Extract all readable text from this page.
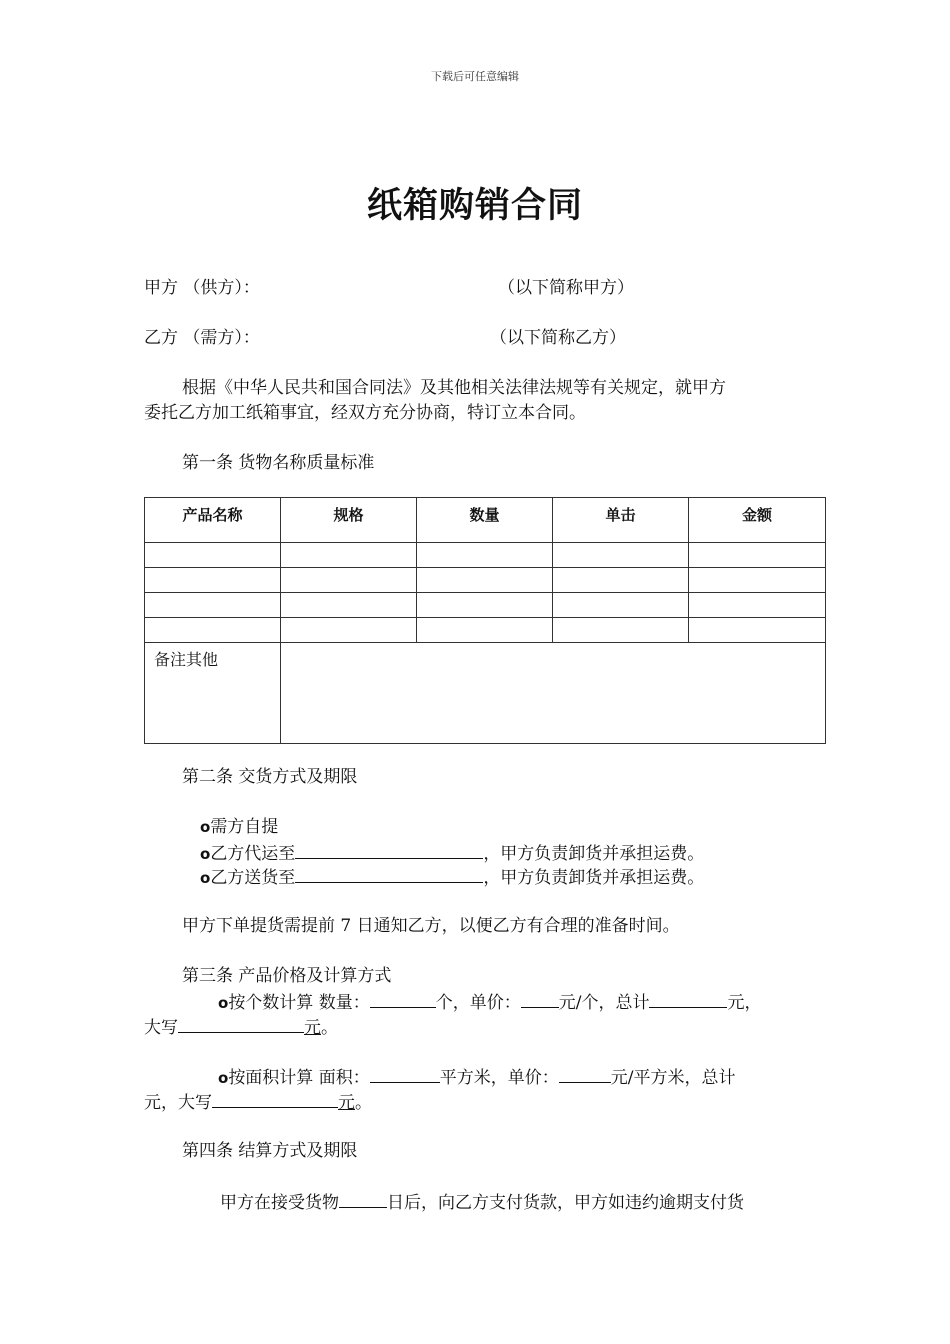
下载后可任意编辑
纸箱购销合同
甲方 （供方）：	（以下简称甲方）
乙方 （需方）：	（以下简称乙方）
根据《中华人民共和国合同法》及其他相关法律法规等有关规定，就甲方
委托乙方加工纸箱事宜，经双方充分协商，特订立本合同。
第一条 货物名称质量标准
产品名称	规格	数量	单击	金额

备注其他				
第二条 交货方式及期限
o需方自提
o乙方代运至	，甲方负责卸货并承担运费。
o乙方送货至	，甲方负责卸货并承担运费。
甲方下单提货需提前 7 日通知乙方，以便乙方有合理的准备时间。
第三条 产品价格及计算方式
o按个数计算 数量：	个，单价： 元/个，总计	元，
大写	元。
o按面积计算 面积：	平方米，单价：	元/平方米，总计
元，大写	元。
第四条 结算方式及期限
甲方在接受货物	日后，向乙方支付货款，甲方如违约逾期支付货
